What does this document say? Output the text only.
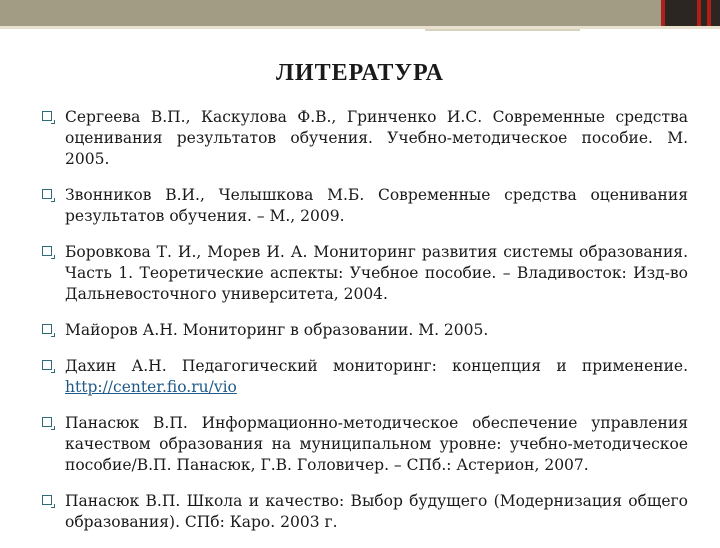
ЛИТЕРАТУРА
Сергеева В.П., Каскулова Ф.В., Гринченко И.С. Современные средства оценивания результатов обучения. Учебно-методическое пособие. М. 2005.
Звонников В.И., Челышкова М.Б. Современные средства оценивания результатов обучения. – М., 2009.
Боровкова Т. И., Морев И. А. Мониторинг развития системы образования. Часть 1. Теоретические аспекты: Учебное пособие. – Владивосток: Изд-во Дальневосточного университета, 2004.
Майоров А.Н. Мониторинг в образовании. М. 2005.
Дахин А.Н. Педагогический мониторинг: концепция и применение. http://center.fio.ru/vio
Панасюк В.П. Информационно-методическое обеспечение управления качеством образования на муниципальном уровне: учебно-методическое пособие/В.П. Панасюк, Г.В. Головичер. – СПб.: Астерион, 2007.
Панасюк В.П. Школа и качество: Выбор будущего (Модернизация общего образования). СПб: Каро. 2003 г.
